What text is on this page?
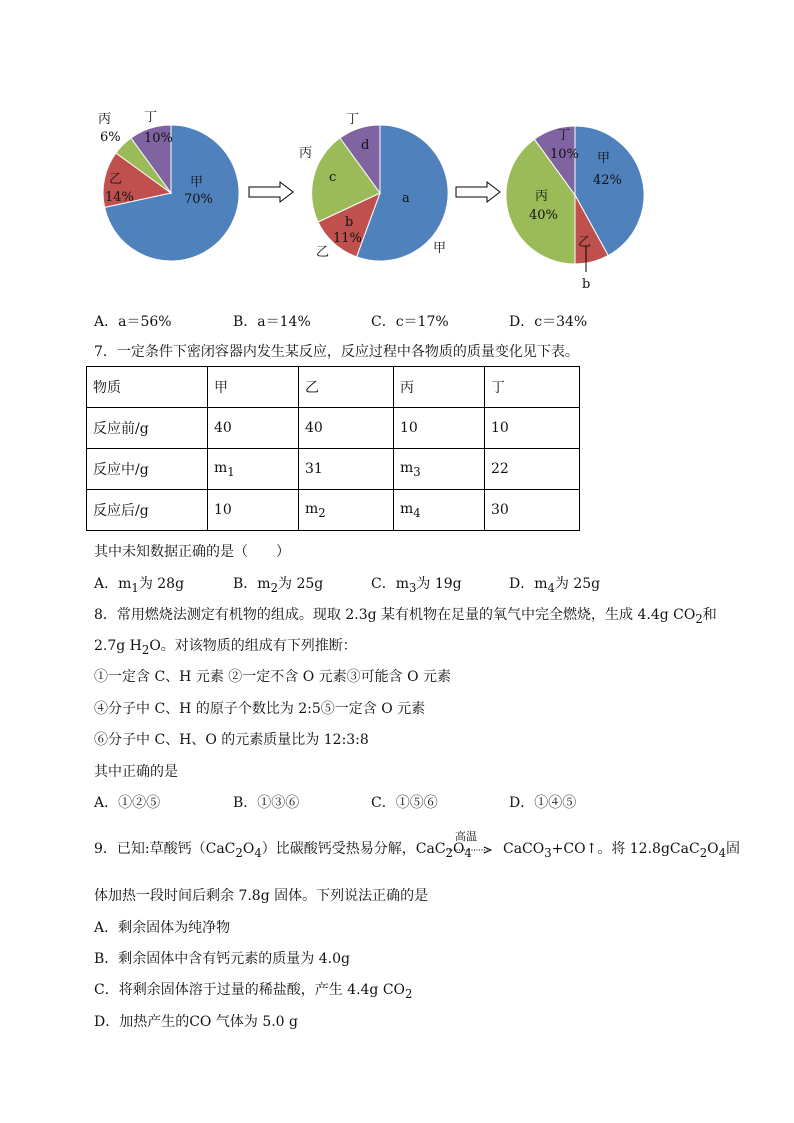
甲
70%
乙
14%
丙
6%
丁
10%
a
b
11%
c
d
甲
乙
丙
丁
甲
42%
丙
40%
丁
10%
乙
b
A．a＝56%	B．a＝14%	C．c＝17%	D．c＝34%
7．一定条件下密闭容器内发生某反应，反应过程中各物质的质量变化见下表。
物质	甲	乙	丙	丁
反应前/g	40	40	10	10
反应中/g	$m_1$	31	$m_3$	22
反应后/g	10	$m_2$	$m_4$	30
其中未知数据正确的是（　　）
A．$m_1$为 28g	B．$m_2$为 25g	C．$m_3$为 19g	D．$m_4$为 25g
8．常用燃烧法测定有机物的组成。现取 2.3g 某有机物在足量的氧气中完全燃烧，生成 4.4g $CO_2$和
2.7g $H_2O$。对该物质的组成有下列推断：
①一定含 C、H 元素 ②一定不含 O 元素③可能含 O 元素
④分子中 C、H 的原子个数比为 2:5⑤一定含 O 元素
⑥分子中 C、H、O 的元素质量比为 12:3:8
其中正确的是
A．①②⑤	B．①③⑥	C．①⑤⑥	D．①④⑤
9．已知:草酸钙$(CaC_2O_4)$比碳酸钙受热易分解，$CaC_2O_4$
高温
→ CaCO$_3$+CO↑。将 $12.8gCaC_2O_4$固
体加热一段时间后剩余 7.8g 固体。下列说法正确的是
A．剩余固体为纯净物
B．剩余固体中含有钙元素的质量为 4.0g
C．将剩余固体溶于过量的稀盐酸，产生 4.4g $CO_2$
D．加热产生的CO 气体为 5.0 g
